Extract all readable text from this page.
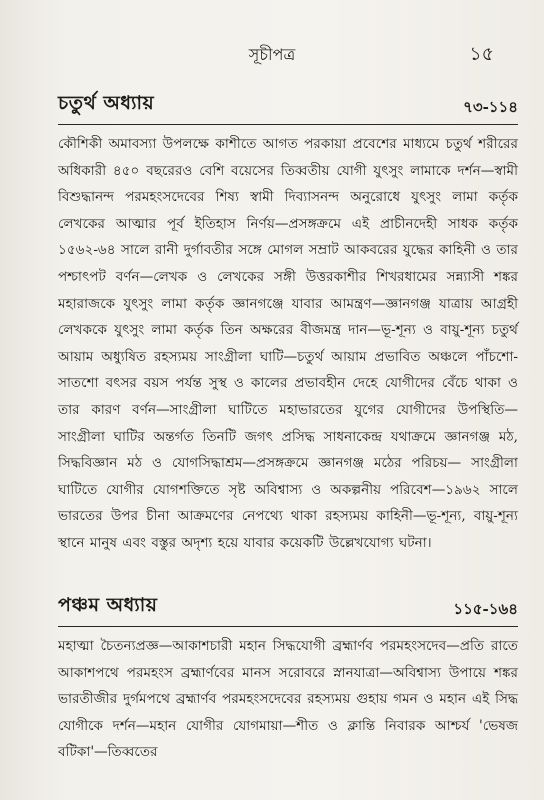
সূচীপত্র	১৫
চতুর্থ অধ্যায়	৭৩-১১৪

কৌশিকী অমাবস্যা উপলক্ষে কাশীতে আগত পরকায়া প্রবেশের মাধ্যমে চতুর্থ শরীরের অধিকারী ৪৫০ বছরেরও বেশি বয়েসের তিব্বতীয় যোগী যুৎসুং লামাকে দর্শন—স্বামী বিশুদ্ধানন্দ পরমহংসদেবের শিষ্য স্বামী দিব্যাসনন্দ অনুরোধে যুৎসুং লামা কর্তৃক লেখকের আত্মার পূর্ব ইতিহাস নির্ণয়—প্রসঙ্গক্রমে এই প্রাচীনদেহী সাধক কর্তৃক ১৫৬২-৬৪ সালে রানী দুর্গাবতীর সঙ্গে মোগল সম্রাট আকবরের যুদ্ধের কাহিনী ও তার পশ্চাৎপট বর্ণন—লেখক ও লেখকের সঙ্গী উত্তরকাশীর শিখরধামের সন্ন্যাসী শঙ্কর মহারাজকে যুৎসুং লামা কর্তৃক জ্ঞানগঞ্জে যাবার আমন্ত্রণ—জ্ঞানগঞ্জ যাত্রায় আগ্রহী লেখককে যুৎসুং লামা কর্তৃক তিন অক্ষরের বীজমন্ত্র দান—ভূ-শূন্য ও বায়ু-শূন্য চতুর্থ আয়াম অধ্যুষিত রহস্যময় সাংগ্রীলা ঘাটি—চতুর্থ আয়াম প্রভাবিত অঞ্চলে পাঁচশো-সাতশো বৎসর বয়স পর্যন্ত সুস্থ ও কালের প্রভাবহীন দেহে যোগীদের বেঁচে থাকা ও তার কারণ বর্ণন—সাংগ্রীলা ঘাটিতে মহাভারতের যুগের যোগীদের উপস্থিতি—সাংগ্রীলা ঘাটির অন্তর্গত তিনটি জগৎ প্রসিদ্ধ সাধনাকেন্দ্র যথাক্রমে জ্ঞানগঞ্জ মঠ, সিদ্ধবিজ্ঞান মঠ ও যোগসিদ্ধাশ্রম—প্রসঙ্গক্রমে জ্ঞানগঞ্জ মঠের পরিচয়— সাংগ্রীলা ঘাটিতে যোগীর যোগশক্তিতে সৃষ্ট অবিশ্বাস্য ও অকল্পনীয় পরিবেশ—১৯৬২ সালে ভারতের উপর চীনা আক্রমণের নেপথ্যে থাকা রহস্যময় কাহিনী—ভূ-শূন্য, বায়ু-শূন্য স্থানে মানুষ এবং বস্তুর অদৃশ্য হয়ে যাবার কয়েকটি উল্লেখযোগ্য ঘটনা।

পঞ্চম অধ্যায়	১১৫-১৬৪

মহাত্মা চৈতন্যপ্রজ্ঞ—আকাশচারী মহান সিদ্ধযোগী ব্রহ্মার্ণব পরমহংসদেব—প্রতি রাতে আকাশপথে পরমহংস ব্রহ্মার্ণবের মানস সরোবরে স্নানযাত্রা—অবিশ্বাস্য উপায়ে শঙ্কর ভারতীজীর দুর্গমপথে ব্রহ্মার্ণব পরমহংসদেবের রহস্যময় গুহায় গমন ও মহান এই সিদ্ধ যোগীকে দর্শন—মহান যোগীর যোগমায়া—শীত ও ক্লান্তি নিবারক আশ্চর্য 'ভেষজ বটিকা'—তিব্বতের
